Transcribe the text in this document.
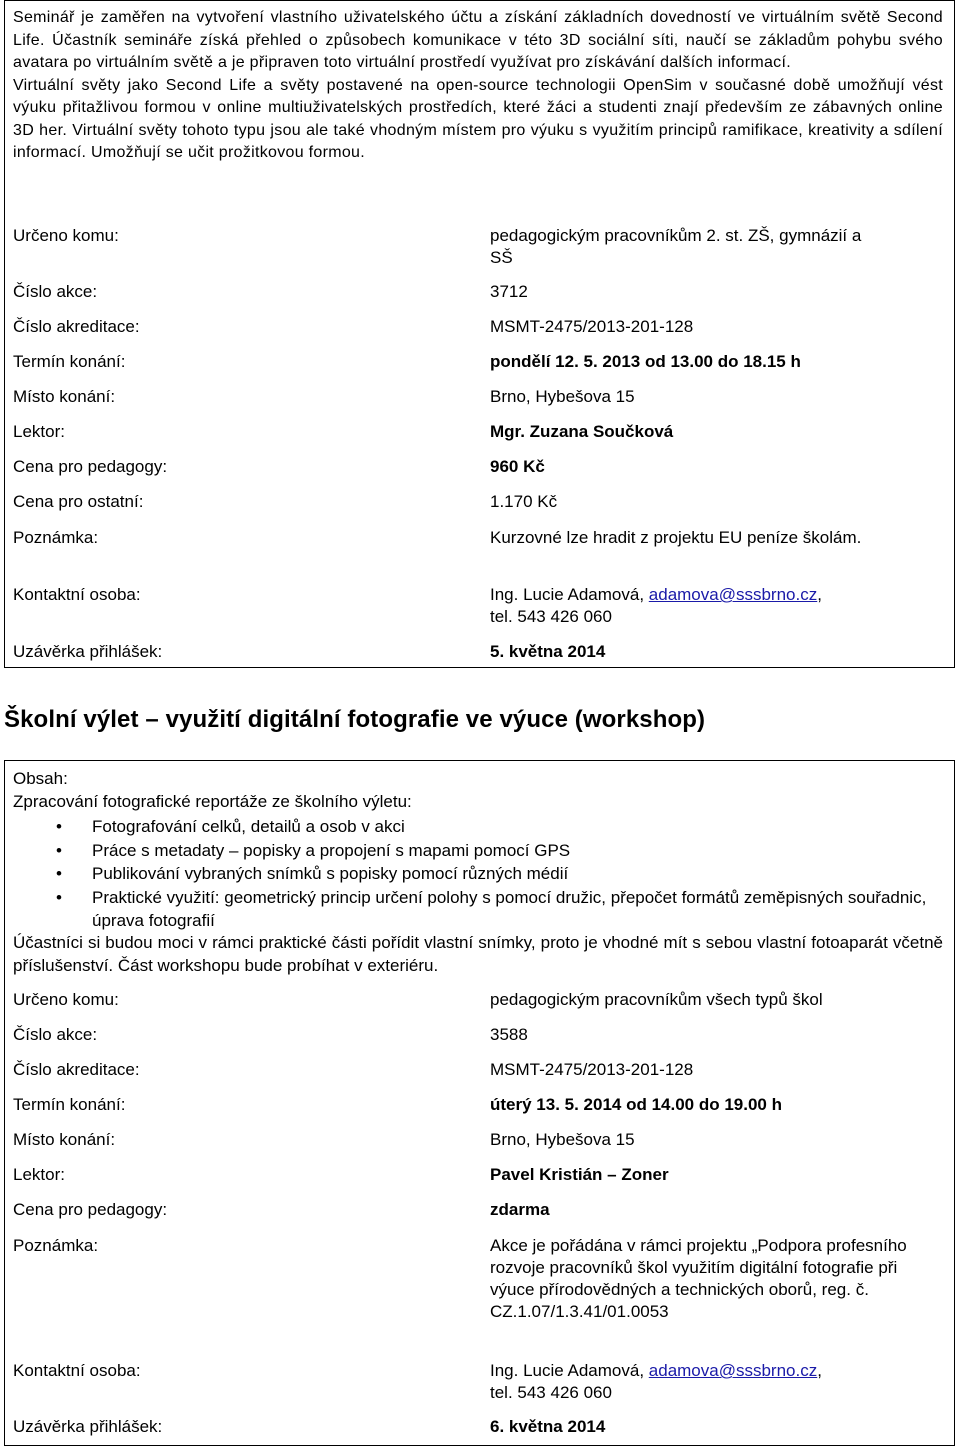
Seminář je zaměřen na vytvoření vlastního uživatelského účtu a získání základních dovedností ve virtuálním světě Second Life. Účastník semináře získá přehled o způsobech komunikace v této 3D sociální síti, naučí se základům pohybu svého avatara po virtuálním světě a je připraven toto virtuální prostředí využívat pro získávání dalších informací.

Virtuální světy jako Second Life a světy postavené na open-source technologii OpenSim v současné době umožňují vést výuku přitažlivou formou v online multiuživatelských prostředích, které žáci a studenti znají především ze zábavných online 3D her. Virtuální světy tohoto typu jsou ale také vhodným místem pro výuku s využitím principů ramifikace, kreativity a sdílení informací. Umožňují se učit prožitkovou formou.

Určeno komu:	pedagogickým pracovníkům 2. st. ZŠ, gymnázií a SŠ
Číslo akce:	3712
Číslo akreditace:	MSMT-2475/2013-201-128
Termín konání:	pondělí 12. 5. 2013 od 13.00 do 18.15 h
Místo konání:	Brno, Hybešova 15
Lektor:	Mgr. Zuzana Součková
Cena pro pedagogy:	960 Kč
Cena pro ostatní:	1.170 Kč
Poznámka:	Kurzovné lze hradit z projektu EU peníze školám.
Kontaktní osoba:	Ing. Lucie Adamová, adamova@sssbrno.cz,
tel. 543 426 060
Uzávěrka přihlášek:	5. května 2014
Školní výlet – využití digitální fotografie ve výuce (workshop)
Obsah:
Zpracování fotografické reportáže ze školního výletu:
• Fotografování celků, detailů a osob v akci
• Práce s metadaty – popisky a propojení s mapami pomocí GPS
• Publikování vybraných snímků s popisky pomocí různých médií
• Praktické využití: geometrický princip určení polohy s pomocí družic, přepočet formátů zeměpisných souřadnic, úprava fotografií
Účastníci si budou moci v rámci praktické části pořídit vlastní snímky, proto je vhodné mít s sebou vlastní fotoaparát včetně příslušenství. Část workshopu bude probíhat v exteriéru.
Určeno komu:	pedagogickým pracovníkům všech typů škol
Číslo akce:	3588
Číslo akreditace:	MSMT-2475/2013-201-128
Termín konání:	úterý 13. 5. 2014 od 14.00 do 19.00 h
Místo konání:	Brno, Hybešova 15
Lektor:	Pavel Kristián – Zoner
Cena pro pedagogy:	zdarma
Poznámka:	Akce je pořádána v rámci projektu „Podpora profesního rozvoje pracovníků škol využitím digitální fotografie při výuce přírodovědných a technických oborů, reg. č. CZ.1.07/1.3.41/01.0053
Kontaktní osoba:	Ing. Lucie Adamová, adamova@sssbrno.cz,
tel. 543 426 060
Uzávěrka přihlášek:	6. května 2014
